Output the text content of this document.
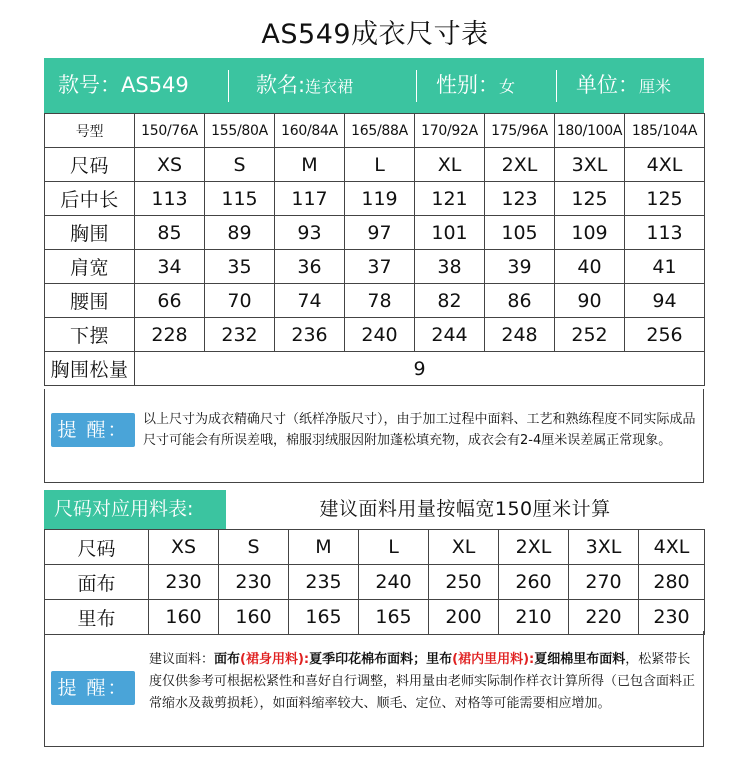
AS549成衣尺寸表
款号：AS549	款名:连衣裙	性别：女	单位：厘米
号型	150/76A	155/80A	160/84A	165/88A	170/92A	175/96A	180/100A	185/104A
尺码	XS	S	M	L	XL	2XL	3XL	4XL
后中长	113	115	117	119	121	123	125	125
胸围	85	89	93	97	101	105	109	113
肩宽	34	35	36	37	38	39	40	41
腰围	66	70	74	78	82	86	90	94
下摆	228	232	236	240	244	248	252	256
胸围松量	9							
提 醒：	以上尺寸为成衣精确尺寸（纸样净版尺寸），由于加工过程中面料、工艺和熟练程度不同实际成品尺寸可能会有所误差哦，棉服羽绒服因附加蓬松填充物，成衣会有2-4厘米误差属正常现象。
尺码对应用料表:	建议面料用量按幅宽150厘米计算
尺码	XS	S	M	L	XL	2XL	3XL	4XL
面布	230	230	235	240	250	260	270	280
里布	160	160	165	165	200	210	220	230
提 醒：
建议面料：面布(裙身用料):夏季印花棉布面料；里布(裙内里用料):夏细棉里布面料，松紧带长度仅供参考可根据松紧性和喜好自行调整，料用量由老师实际制作样衣计算所得（已包含面料正常缩水及裁剪损耗），如面料缩率较大、顺毛、定位、对格等可能需要相应增加。
